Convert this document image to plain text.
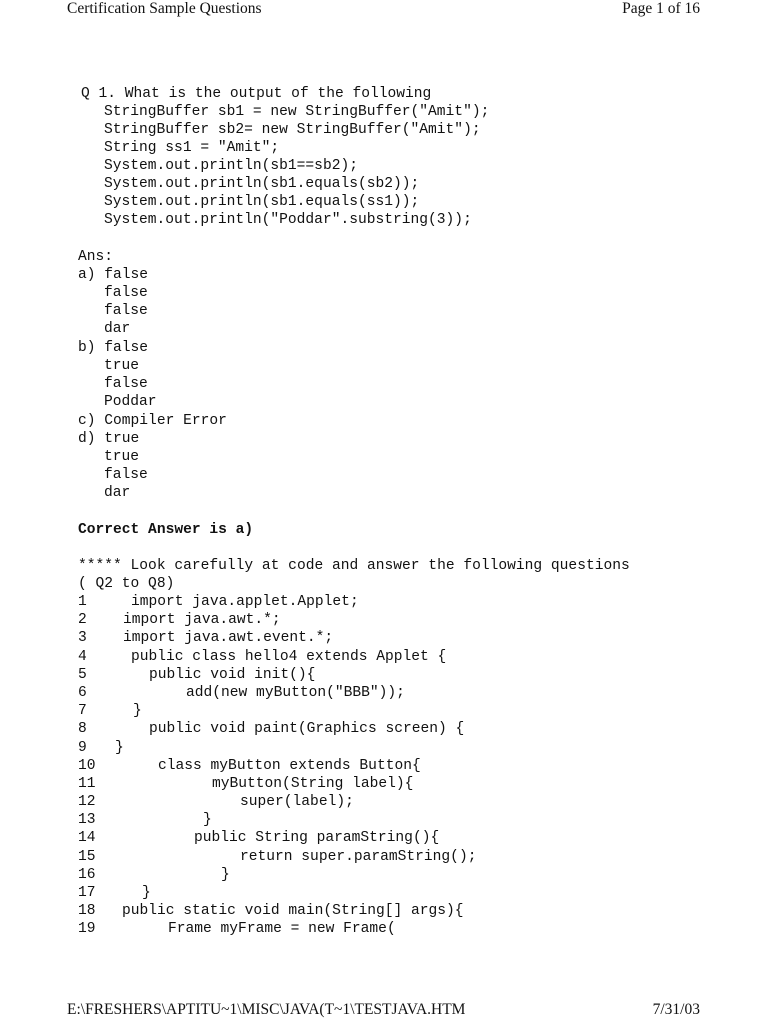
Certification Sample Questions	Page 1 of 16
Q 1. What is the output of the following
StringBuffer sb1 = new StringBuffer("Amit");
StringBuffer sb2= new StringBuffer("Amit");
String ss1 = "Amit";
System.out.println(sb1==sb2);
System.out.println(sb1.equals(sb2));
System.out.println(sb1.equals(ss1));
System.out.println("Poddar".substring(3));
Ans:
a) false
false
false
dar
b) false
true
false
Poddar
c) Compiler Error
d) true
true
false
dar
Correct Answer is a)
***** Look carefully at code and answer the following questions
( Q2 to Q8)
1	import java.applet.Applet;
2 import java.awt.*;
3 import java.awt.event.*;
4	public class hello4 extends Applet {
5	public void init(){
6	add(new myButton("BBB"));
7	}
8	public void paint(Graphics screen) {
9 }
10	class myButton extends Button{
11	myButton(String label){
12	super(label);
13	}
14	public String paramString(){
15	return super.paramString();
16	}
17	}
18 public static void main(String[] args){
19	Frame myFrame = new Frame(
E:\FRESHERS\APTITU~1\MISC\JAVA(T~1\TESTJAVA.HTM	7/31/03
